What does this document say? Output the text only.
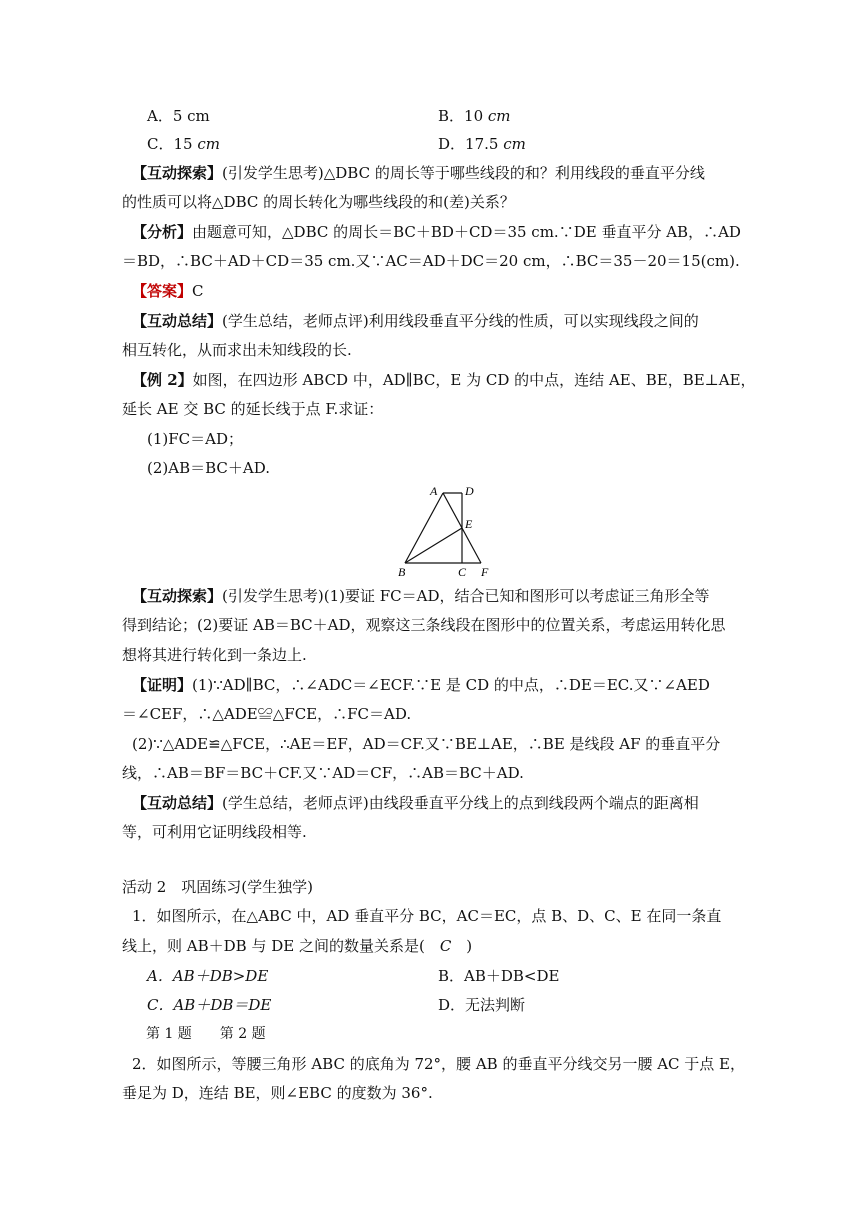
A．5 cm	B．10 cm
C．15 cm	D．17.5 cm
【互动探索】(引发学生思考)△DBC 的周长等于哪些线段的和？利用线段的垂直平分线
的性质可以将△DBC 的周长转化为哪些线段的和(差)关系？
【分析】由题意可知，△DBC 的周长＝BC＋BD＋CD＝35 cm.∵DE 垂直平分 AB，∴AD
＝BD，∴BC＋AD＋CD＝35 cm.又∵AC＝AD＋DC＝20 cm，∴BC＝35－20＝15(cm).
【答案】C
【互动总结】(学生总结，老师点评)利用线段垂直平分线的性质，可以实现线段之间的
相互转化，从而求出未知线段的长.
【例 2】如图，在四边形 ABCD 中，AD∥BC，E 为 CD 的中点，连结 AE、BE，BE⊥AE，
延长 AE 交 BC 的延长线于点 F.求证：
(1)FC＝AD；
(2)AB＝BC＋AD.
A D
E
B	C F
【互动探索】(引发学生思考)(1)要证 FC＝AD，结合已知和图形可以考虑证三角形全等
得到结论；(2)要证 AB＝BC＋AD，观察这三条线段在图形中的位置关系，考虑运用转化思
想将其进行转化到一条边上.
【证明】(1)∵AD∥BC，∴∠ADC＝∠ECF.∵E 是 CD 的中点，∴DE＝EC.又∵∠AED
＝∠CEF，∴△ADE≌△FCE，∴FC＝AD.
(2)∵△ADE≌△FCE，∴AE＝EF，AD＝CF.又∵BE⊥AE，∴BE 是线段 AF 的垂直平分
线，∴AB＝BF＝BC＋CF.又∵AD＝CF，∴AB＝BC＋AD.
【互动总结】(学生总结，老师点评)由线段垂直平分线上的点到线段两个端点的距离相
等，可利用它证明线段相等.
活动 2　巩固练习(学生独学)
1．如图所示，在△ABC 中，AD 垂直平分 BC，AC＝EC，点 B、D、C、E 在同一条直
线上，则 AB＋DB 与 DE 之间的数量关系是(　C　)
A．AB＋DB>DE	B．AB＋DB<DE
C．AB＋DB＝DE	D．无法判断
第 1 题　　第 2 题
2．如图所示，等腰三角形 ABC 的底角为 72°，腰 AB 的垂直平分线交另一腰 AC 于点 E，
垂足为 D，连结 BE，则∠EBC 的度数为 36°.
